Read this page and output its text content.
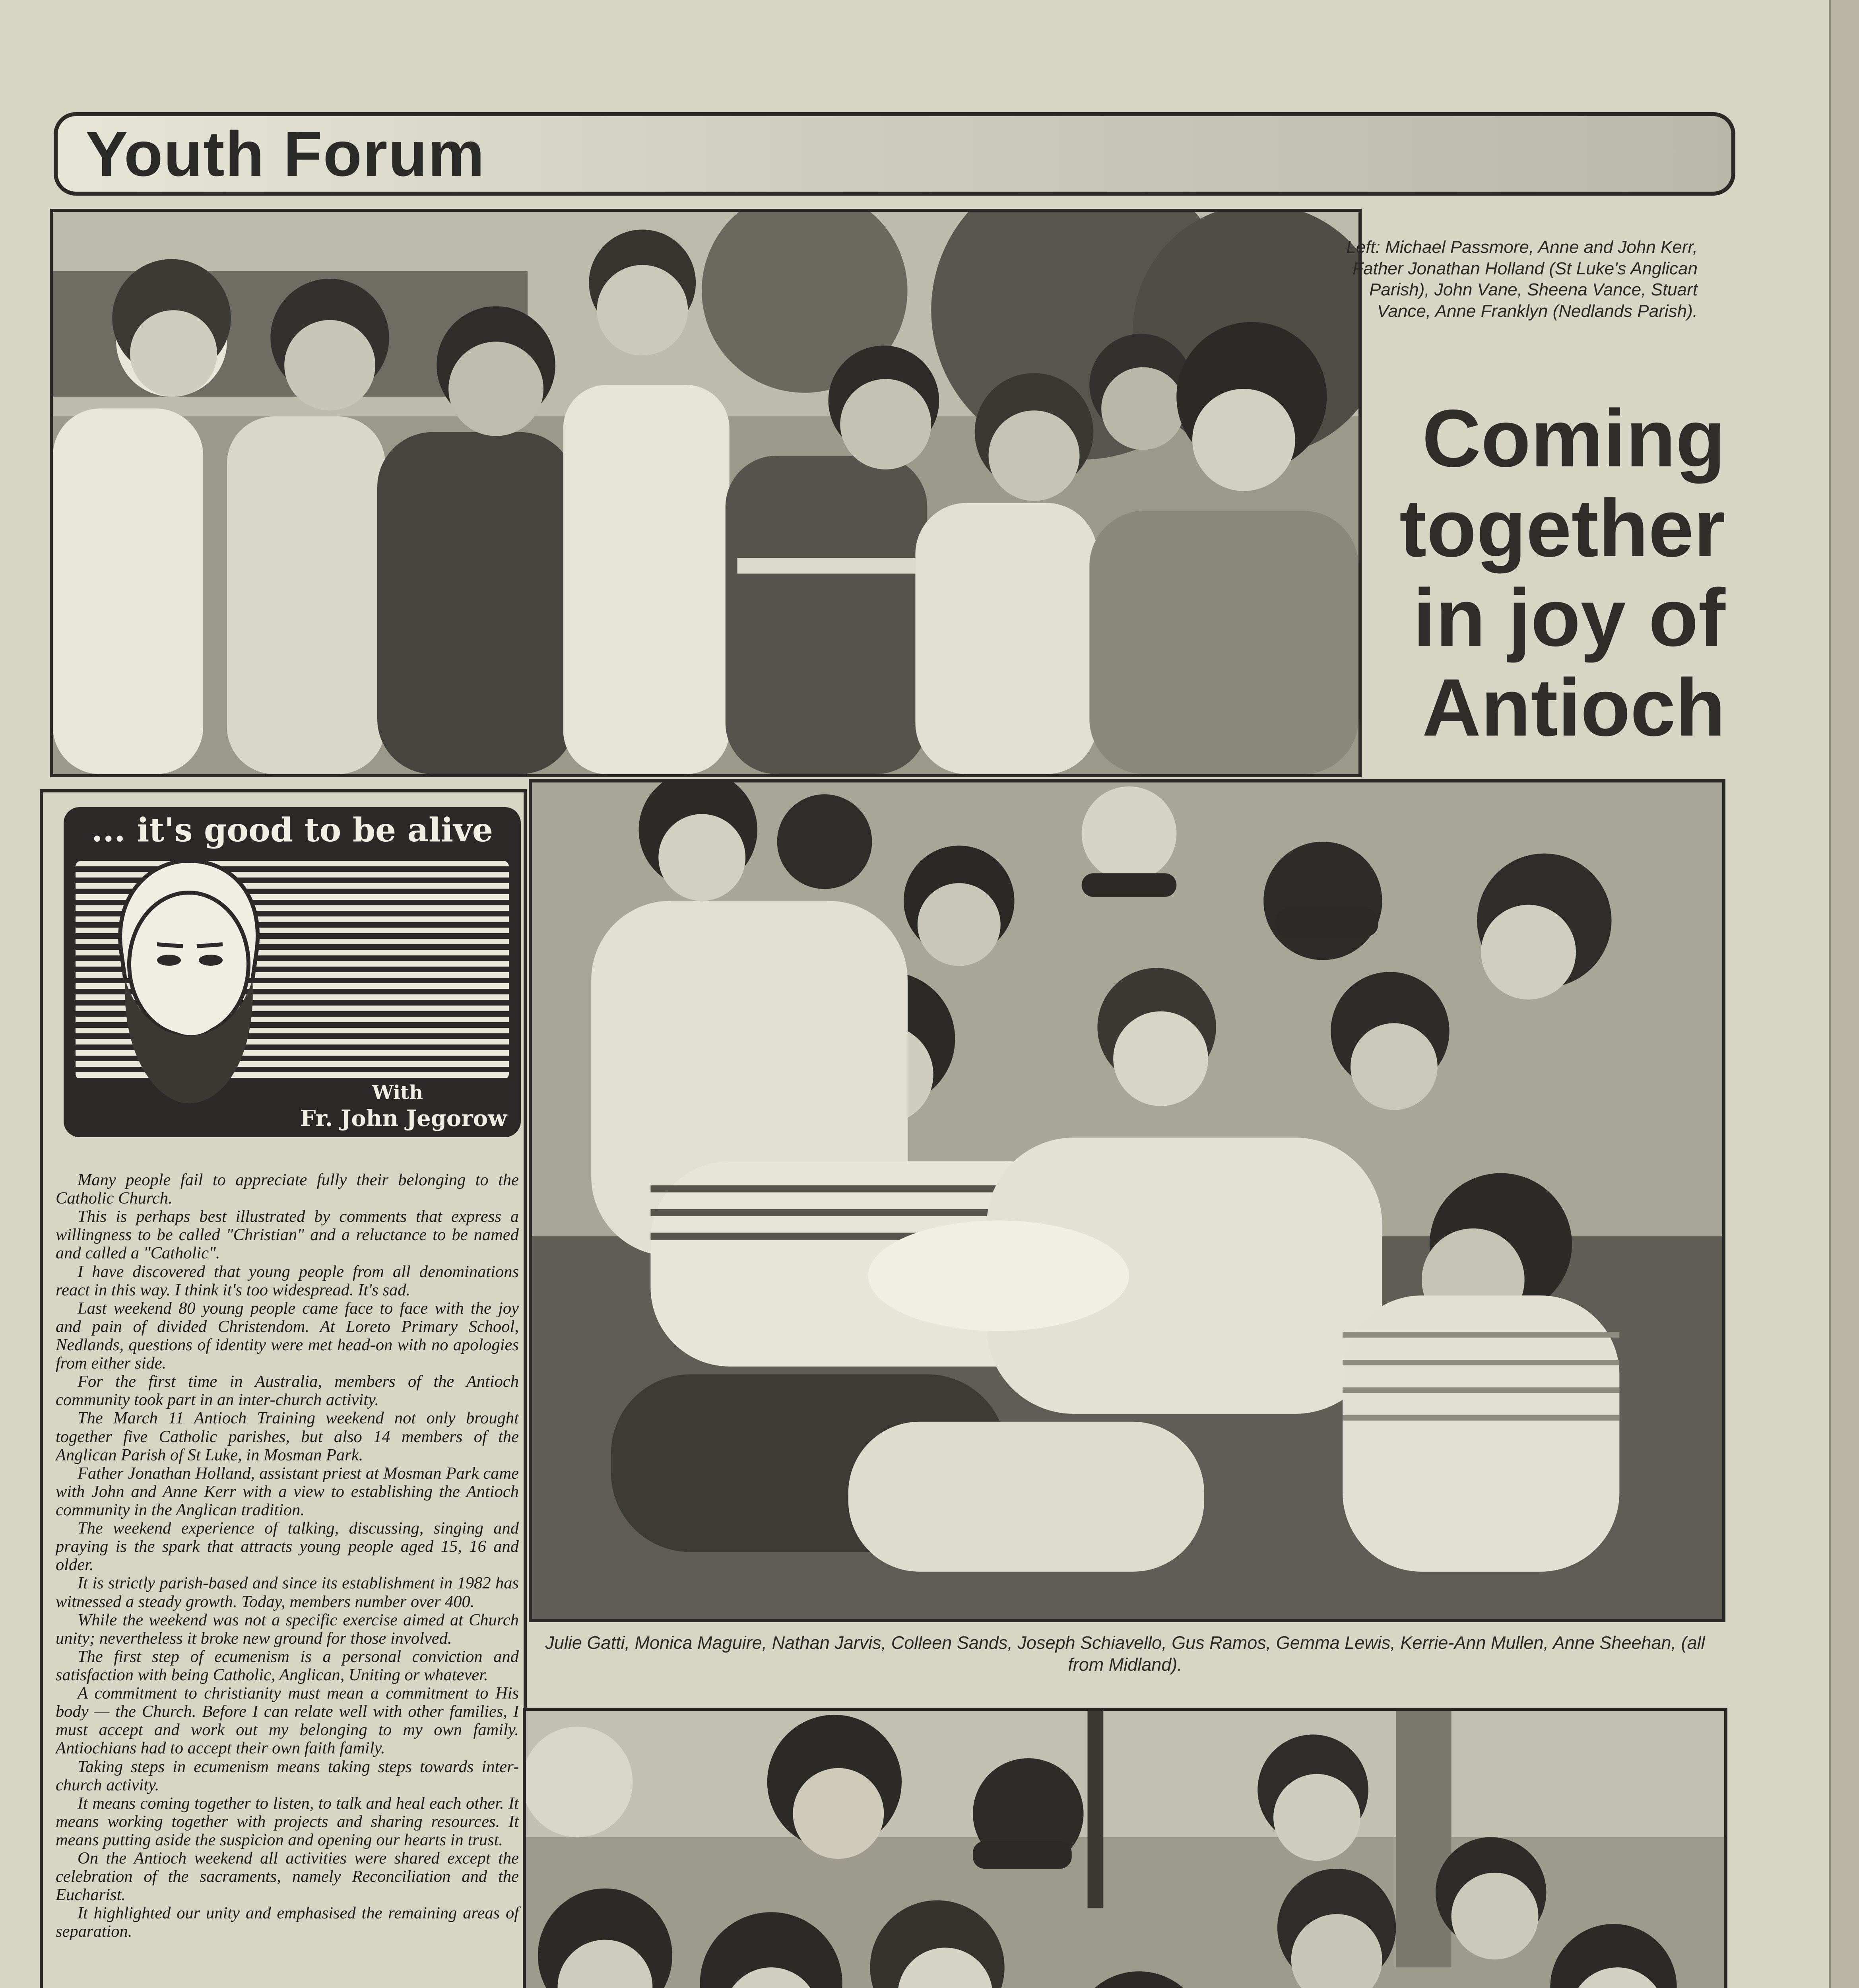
Youth Forum
Left: Michael Passmore, Anne and John Kerr, Father Jonathan Holland (St Luke's Anglican Parish), John Vane, Sheena Vance, Stuart Vance, Anne Franklyn (Nedlands Parish).
Coming
together
in joy of
Antioch
... it's good to be alive
With
Fr. John Jegorow

Many people fail to appreciate fully their belonging to the Catholic Church.

This is perhaps best illustrated by comments that express a willingness to be called "Christian" and a reluctance to be named and called a "Catholic".

I have discovered that young people from all denominations react in this way. I think it's too widespread. It's sad.

Last weekend 80 young people came face to face with the joy and pain of divided Christendom. At Loreto Primary School, Nedlands, questions of identity were met head-on with no apologies from either side.

For the first time in Australia, members of the Antioch community took part in an inter-church activity.

The March 11 Antioch Training weekend not only brought together five Catholic parishes, but also 14 members of the Anglican Parish of St Luke, in Mosman Park.

Father Jonathan Holland, assistant priest at Mosman Park came with John and Anne Kerr with a view to establishing the Antioch community in the Anglican tradition.

The weekend experience of talking, discussing, singing and praying is the spark that attracts young people aged 15, 16 and older.

It is strictly parish-based and since its establishment in 1982 has witnessed a steady growth. Today, members number over 400.

While the weekend was not a specific exercise aimed at Church unity; nevertheless it broke new ground for those involved.

The first step of ecumenism is a personal conviction and satisfaction with being Catholic, Anglican, Uniting or whatever.

A commitment to christianity must mean a commitment to His body — the Church. Before I can relate well with other families, I must accept and work out my belonging to my own family. Antiochians had to accept their own faith family.

Taking steps in ecumenism means taking steps towards inter-church activity.

It means coming together to listen, to talk and heal each other. It means working together with projects and sharing resources. It means putting aside the suspicion and opening our hearts in trust.

On the Antioch weekend all activities were shared except the celebration of the sacraments, namely Reconciliation and the Eucharist.

It highlighted our unity and emphasised the remaining areas of separation.

Julie Gatti, Monica Maguire, Nathan Jarvis, Colleen Sands, Joseph Schiavello, Gus Ramos, Gemma Lewis, Kerrie-Ann Mullen, Anne Sheehan, (all from Midland).
